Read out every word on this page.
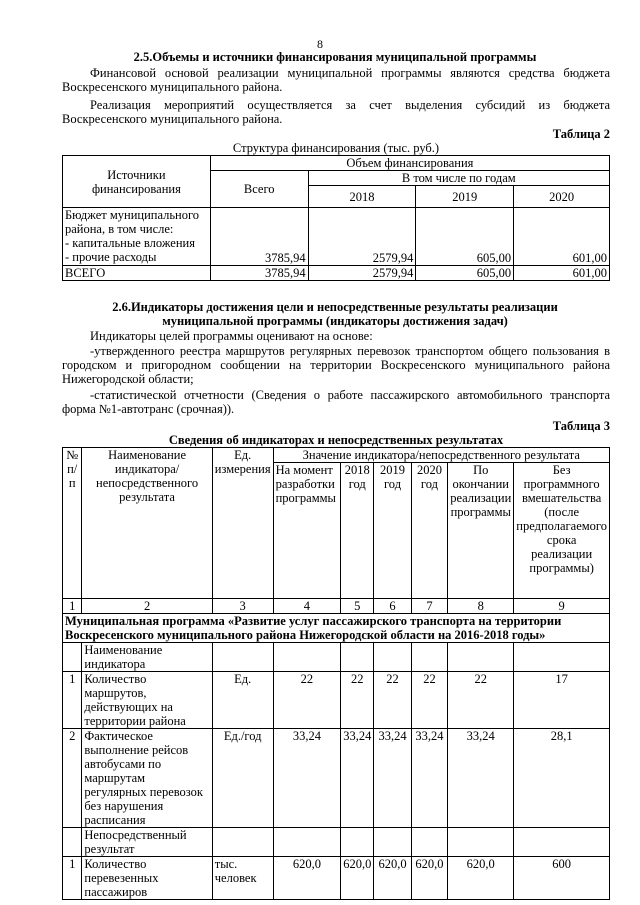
8
2.5.Объемы и источники финансирования муниципальной программы
Финансовой основой реализации муниципальной программы являются средства бюджета Воскресенского муниципального района.
Реализация мероприятий осуществляется за счет выделения субсидий из бюджета Воскресенского муниципального района.
Таблица 2
Структура финансирования (тыс. руб.)
Источники финансирования	Объем финансирования			
	Всего	В том числе по годам		
		2018	2019	2020

Бюджет муниципального
района, в том числе:
- капитальные вложения
- прочие расходы	3785,94	2579,94	605,00	601,00
ВСЕГО	3785,94	2579,94	605,00	601,00
2.6.Индикаторы достижения цели и непосредственные результаты реализации
муниципальной программы (индикаторы достижения задач)
Индикаторы целей программы оценивают на основе:
-утвержденного реестра маршрутов регулярных перевозок транспортом общего пользования в городском и пригородном сообщении на территории Воскресенского муниципального района Нижегородской области;
-статистической отчетности (Сведения о работе пассажирского автомобильного транспорта форма №1-автотранс (срочная)).
Таблица 3
Сведения об индикаторах и непосредственных результатах
№ п/п	Наименование индикатора/ непосредственного результата	Ед. измерения	Значение индикатора/непосредственного результата					
			На момент разработки программы	2018 год	2019 год	2020 год	По окончании реализации программы	Без программного вмешательства (после предполагаемого срока реализации программы)
1	2	3	4	5	6	7	8	9
Муниципальная программа «Развитие услуг пассажирского транспорта на территории Воскресенского муниципального района Нижегородской области на 2016-2018 годы»								
	Наименование индикатора							
1	Количество маршрутов, действующих на территории района	Ед.	22	22	22	22	22	17
2	Фактическое выполнение рейсов автобусами по маршрутам регулярных перевозок без нарушения расписания	Ед./год	33,24	33,24	33,24	33,24	33,24	28,1
	Непосредственный результат							
1	Количество перевезенных пассажиров	тыс. человек	620,0	620,0	620,0	620,0	620,0	600
